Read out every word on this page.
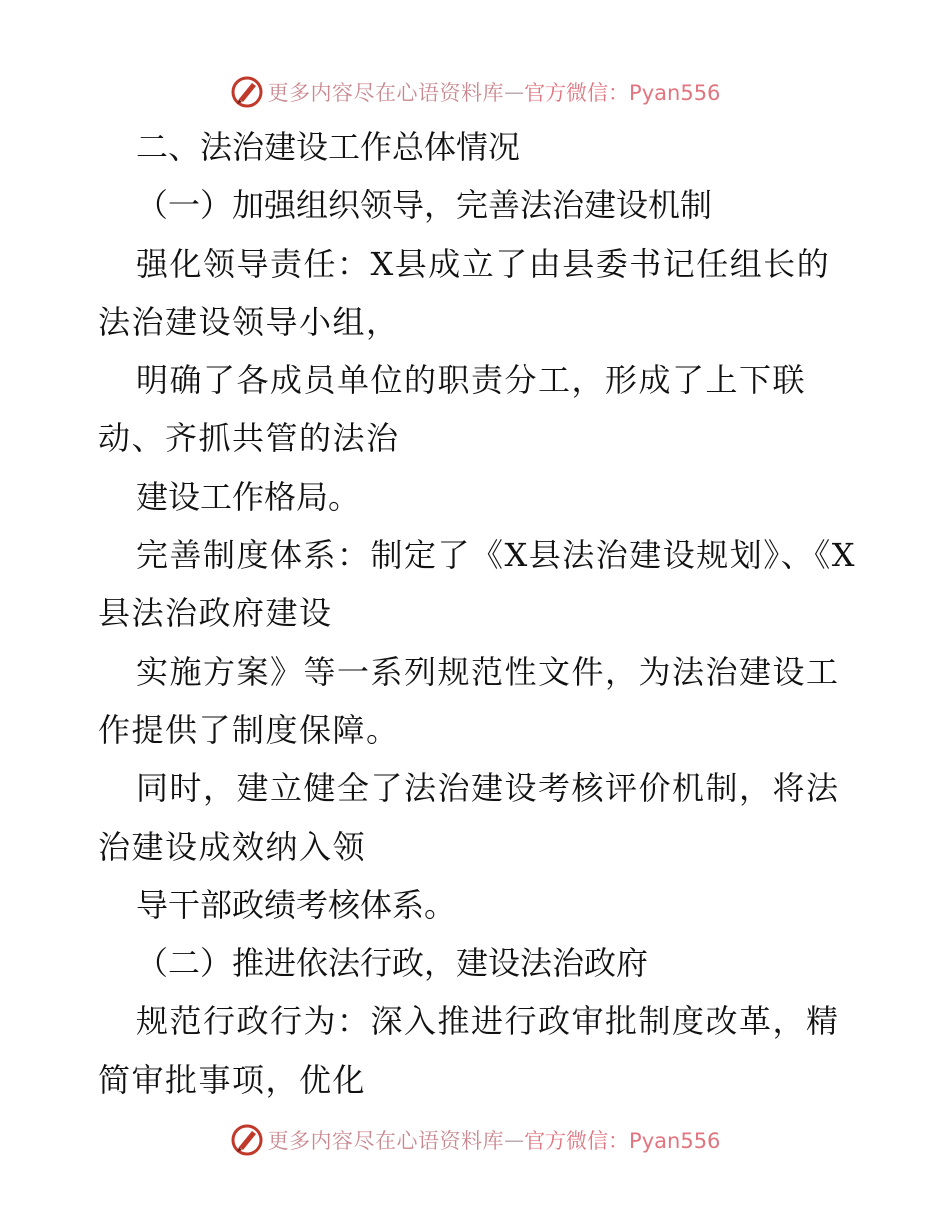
更多内容尽在心语资料库 — 官方微信：Pyan556

二、法治建设工作总体情况

（一）加强组织领导，完善法治建设机制

强化领导责任：X县成立了由县委书记任组长的法治建设领导小组，

明确了各成员单位的职责分工，形成了上下联动、齐抓共管的法治

建设工作格局。

完善制度体系：制定了《X县法治建设规划》、《X县法治政府建设

实施方案》等一系列规范性文件，为法治建设工作提供了制度保障。

同时，建立健全了法治建设考核评价机制，将法治建设成效纳入领

导干部政绩考核体系。

（二）推进依法行政，建设法治政府

规范行政行为：深入推进行政审批制度改革，精简审批事项，优化

更多内容尽在心语资料库 — 官方微信：Pyan556
